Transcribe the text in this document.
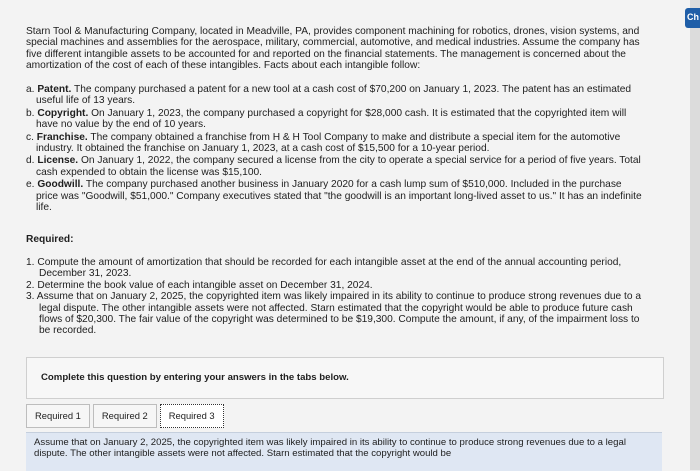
Starn Tool & Manufacturing Company, located in Meadville, PA, provides component machining for robotics, drones, vision systems, and special machines and assemblies for the aerospace, military, commercial, automotive, and medical industries. Assume the company has five different intangible assets to be accounted for and reported on the financial statements. The management is concerned about the amortization of the cost of each of these intangibles. Facts about each intangible follow:

a. Patent. The company purchased a patent for a new tool at a cash cost of $70,200 on January 1, 2023. The patent has an estimated useful life of 13 years.
b. Copyright. On January 1, 2023, the company purchased a copyright for $28,000 cash. It is estimated that the copyrighted item will have no value by the end of 10 years.
c. Franchise. The company obtained a franchise from H & H Tool Company to make and distribute a special item for the automotive industry. It obtained the franchise on January 1, 2023, at a cash cost of $15,500 for a 10-year period.
d. License. On January 1, 2022, the company secured a license from the city to operate a special service for a period of five years. Total cash expended to obtain the license was $15,100.
e. Goodwill. The company purchased another business in January 2020 for a cash lump sum of $510,000. Included in the purchase price was "Goodwill, $51,000." Company executives stated that "the goodwill is an important long-lived asset to us." It has an indefinite life.
Required:
1. Compute the amount of amortization that should be recorded for each intangible asset at the end of the annual accounting period, December 31, 2023.
2. Determine the book value of each intangible asset on December 31, 2024.
3. Assume that on January 2, 2025, the copyrighted item was likely impaired in its ability to continue to produce strong revenues due to a legal dispute. The other intangible assets were not affected. Starn estimated that the copyright would be able to produce future cash flows of $20,300. The fair value of the copyright was determined to be $19,300. Compute the amount, if any, of the impairment loss to be recorded.
Complete this question by entering your answers in the tabs below.
Required 1	Required 2	Required 3

Assume that on January 2, 2025, the copyrighted item was likely impaired in its ability to continue to produce strong revenues due to a legal dispute. The other intangible assets were not affected. Starn estimated that the copyright would be

Ch
